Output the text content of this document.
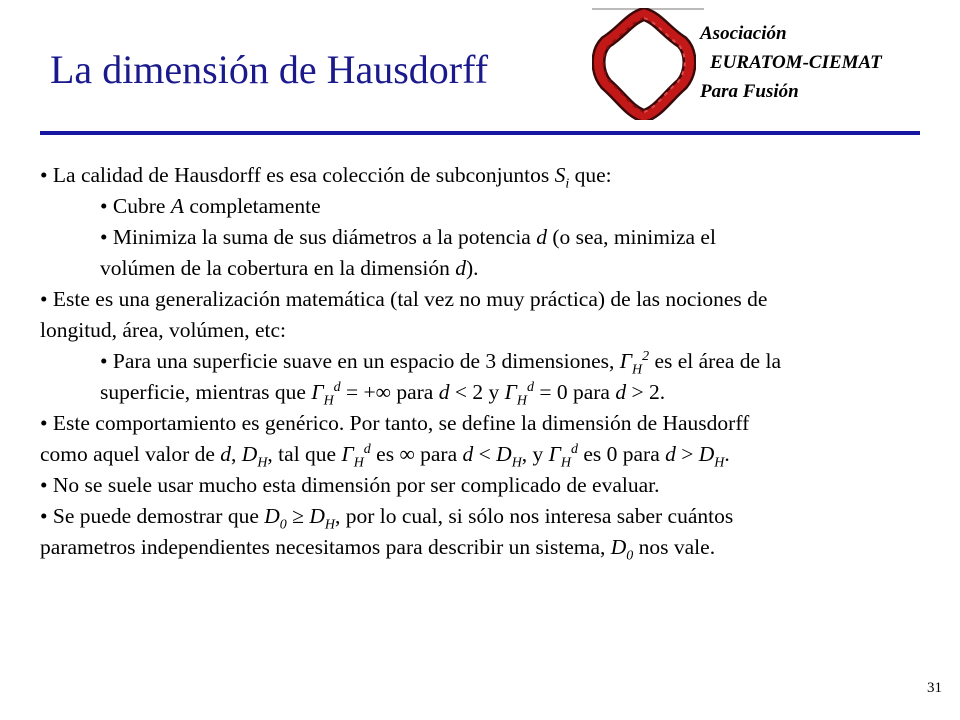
Asociación
EURATOM-CIEMAT
Para Fusión
La dimensión de Hausdorff
• La calidad de Hausdorff es esa colección de subconjuntos $S_i$ que:
• Cubre A completamente
• Minimiza la suma de sus diámetros a la potencia d (o sea, minimiza el
volúmen de la cobertura en la dimensión d).
• Este es una generalización matemática (tal vez no muy práctica) de las nociones de
longitud, área, volúmen, etc:
• Para una superficie suave en un espacio de 3 dimensiones, $\Gamma_H^2$ es el área de la
superficie, mientras que $\Gamma_H^d$ = +∞ para d < 2 y $\Gamma_H^d = 0$ para d > 2.
• Este comportamiento es genérico. Por tanto, se define la dimensión de Hausdorff
como aquel valor de d, $D_H$, tal que $\Gamma_H^d$ es ∞ para $d < D_H$, y $\Gamma_H^d$ es 0 para $d > D_H$.
• No se suele usar mucho esta dimensión por ser complicado de evaluar.
• Se puede demostrar que $D_0 \ge D_H$, por lo cual, si sólo nos interesa saber cuántos
parametros independientes necesitamos para describir un sistema, $D_0$ nos vale.
31
